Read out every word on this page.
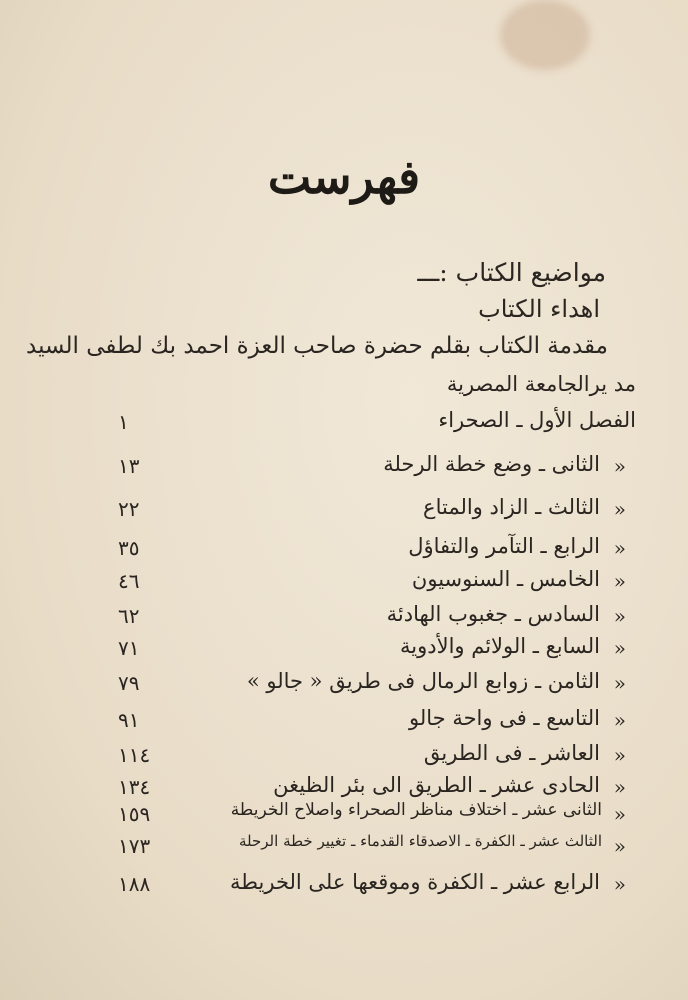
فهرست
مواضيع الكتاب :ـــ
اهداء الكتاب
مقدمة الكتاب بقلم حضرة صاحب العزة احمد بك لطفى السيد
مد يرالجامعة المصرية
الفصل الأول ـ الصحراء
١
«
الثانى ـ وضع خطة الرحلة
١٣
«
الثالث ـ الزاد والمتاع
٢٢
«
الرابع ـ التآمر والتفاؤل
٣٥
«
الخامس ـ السنوسيون
٤٦
«
السادس ـ جغبوب الهادئة
٦٢
«
السابع ـ الولائم والأدوية
٧١
«
الثامن ـ زوابع الرمال فى طريق « جالو »
٧٩
«
التاسع ـ فى واحة جالو
٩١
«
العاشر ـ فى الطريق
١١٤
«
الحادى عشر ـ الطريق الى بئر الظيغن
١٣٤
«
الثانى عشر ـ اختلاف مناظر الصحراء واصلاح الخريطة
١٥٩
«
الثالث عشر ـ الكفرة ـ الاصدقاء القدماء ـ تغيير خطة الرحلة
١٧٣
«
الرابع عشر ـ الكفرة وموقعها على الخريطة
١٨٨
